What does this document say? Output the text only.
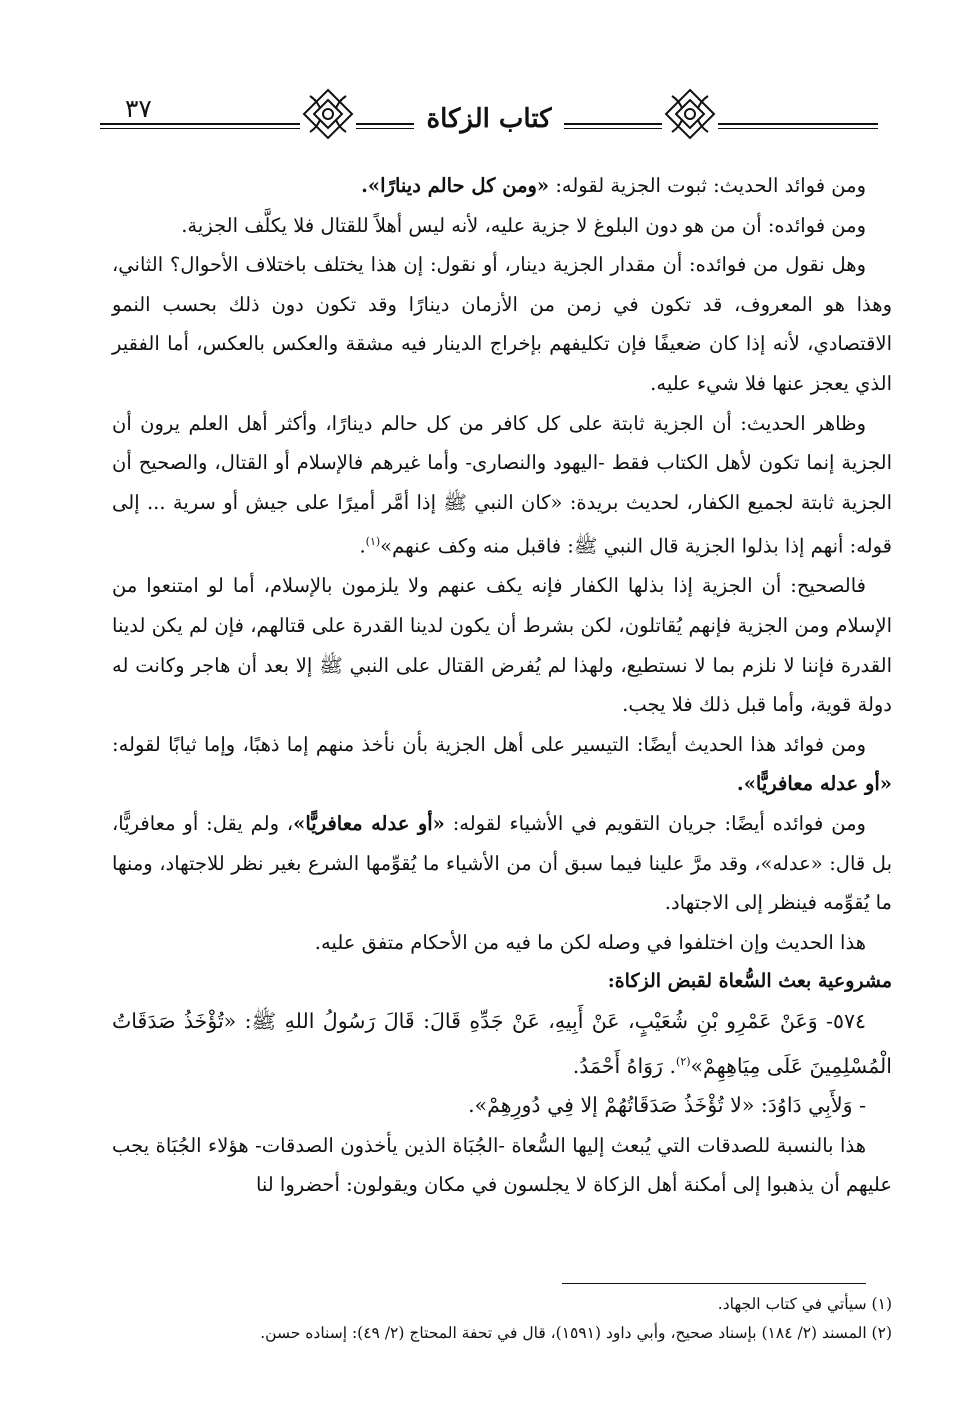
٣٧	كتاب الزكاة

ومن فوائد الحديث: ثبوت الجزية لقوله: «ومن كل حالم دينارًا».

ومن فوائده: أن من هو دون البلوغ لا جزية عليه، لأنه ليس أهلاً للقتال فلا يكلَّف الجزية.

وهل نقول من فوائده: أن مقدار الجزية دينار، أو نقول: إن هذا يختلف باختلاف الأحوال؟ الثاني، وهذا هو المعروف، قد تكون في زمن من الأزمان دينارًا وقد تكون دون ذلك بحسب النمو الاقتصادي، لأنه إذا كان ضعيفًا فإن تكليفهم بإخراج الدينار فيه مشقة والعكس بالعكس، أما الفقير الذي يعجز عنها فلا شيء عليه.

وظاهر الحديث: أن الجزية ثابتة على كل كافر من كل حالم دينارًا، وأكثر أهل العلم يرون أن الجزية إنما تكون لأهل الكتاب فقط -اليهود والنصارى- وأما غيرهم فالإسلام أو القتال، والصحيح أن الجزية ثابتة لجميع الكفار، لحديث بريدة: «كان النبي ﷺ إذا أمَّر أميرًا على جيش أو سرية ... إلى قوله: أنهم إذا بذلوا الجزية قال النبي ﷺ: فاقبل منه وكف عنهم»$^{(١)}$.

فالصحيح: أن الجزية إذا بذلها الكفار فإنه يكف عنهم ولا يلزمون بالإسلام، أما لو امتنعوا من الإسلام ومن الجزية فإنهم يُقاتلون، لكن بشرط أن يكون لدينا القدرة على قتالهم، فإن لم يكن لدينا القدرة فإننا لا نلزم بما لا نستطيع، ولهذا لم يُفرض القتال على النبي ﷺ إلا بعد أن هاجر وكانت له دولة قوية، وأما قبل ذلك فلا يجب.

ومن فوائد هذا الحديث أيضًا: التيسير على أهل الجزية بأن نأخذ منهم إما ذهبًا، وإما ثيابًا لقوله: «أو عدله معافريًّا».

ومن فوائده أيضًا: جريان التقويم في الأشياء لقوله: «أو عدله معافريًّا»، ولم يقل: أو معافريًّا، بل قال: «عدله»، وقد مرَّ علينا فيما سبق أن من الأشياء ما يُقوِّمها الشرع بغير نظر للاجتهاد، ومنها ما يُقوِّمه فينظر إلى الاجتهاد.

هذا الحديث وإن اختلفوا في وصله لكن ما فيه من الأحكام متفق عليه.

مشروعية بعث السُّعاة لقبض الزكاة:

٥٧٤- وَعَنْ عَمْرِو بْنِ شُعَيْبٍ، عَنْ أَبِيهِ، عَنْ جَدِّهِ قَالَ: قَالَ رَسُولُ اللهِ ﷺ: «تُؤْخَذُ صَدَقَاتُ الْمُسْلِمِينَ عَلَى مِيَاهِهِمْ»$^{(٢)}$. رَوَاهُ أَحْمَدُ.

- وَلأَبِي دَاوُدَ: «لا تُؤْخَذُ صَدَقَاتُهُمْ إلا فِي دُورِهِمْ».

هذا بالنسبة للصدقات التي يُبعث إليها السُّعاة -الجُبَاة الذين يأخذون الصدقات- هؤلاء الجُبَاة يجب عليهم أن يذهبوا إلى أمكنة أهل الزكاة لا يجلسون في مكان ويقولون: أحضروا لنا

(١) سيأتي في كتاب الجهاد.

(٢) المسند (٢/ ١٨٤) بإسناد صحيح، وأبي داود (١٥٩١)، قال في تحفة المحتاج (٢/ ٤٩): إسناده حسن.
